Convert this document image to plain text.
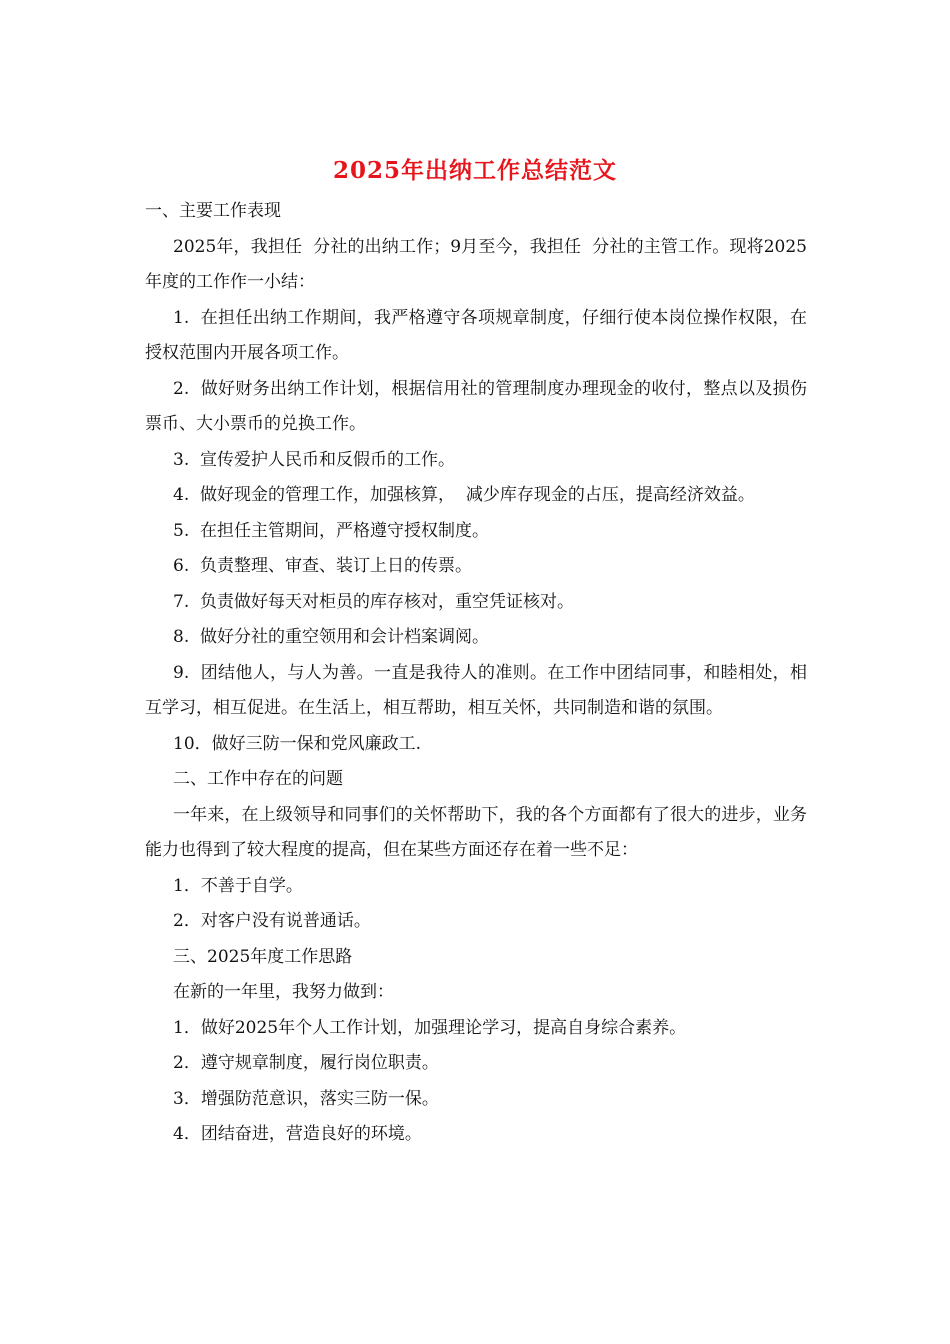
2025年出纳工作总结范文

一、主要工作表现

2025年，我担任  分社的出纳工作；9月至今，我担任  分社的主管工作。现将2025年度的工作作一小结：

1.  在担任出纳工作期间，我严格遵守各项规章制度，仔细行使本岗位操作权限，在授权范围内开展各项工作。

2.  做好财务出纳工作计划，根据信用社的管理制度办理现金的收付，整点以及损伤票币、大小票币的兑换工作。

3.  宣传爱护人民币和反假币的工作。

4.  做好现金的管理工作，加强核算，  减少库存现金的占压，提高经济效益。

5.  在担任主管期间，严格遵守授权制度。

6.  负责整理、审查、装订上日的传票。

7.  负责做好每天对柜员的库存核对，重空凭证核对。

8.  做好分社的重空领用和会计档案调阅。

9.  团结他人，与人为善。一直是我待人的准则。在工作中团结同事，和睦相处，相互学习，相互促进。在生活上，相互帮助，相互关怀，共同制造和谐的氛围。

10．做好三防一保和党风廉政工.

二、工作中存在的问题

一年来，在上级领导和同事们的关怀帮助下，我的各个方面都有了很大的进步，业务能力也得到了较大程度的提高，但在某些方面还存在着一些不足：

1．不善于自学。

2．对客户没有说普通话。

三、2025年度工作思路

在新的一年里，我努力做到：

1．做好2025年个人工作计划，加强理论学习，提高自身综合素养。

2．遵守规章制度，履行岗位职责。

3．增强防范意识，落实三防一保。

4．团结奋进，营造良好的环境。
